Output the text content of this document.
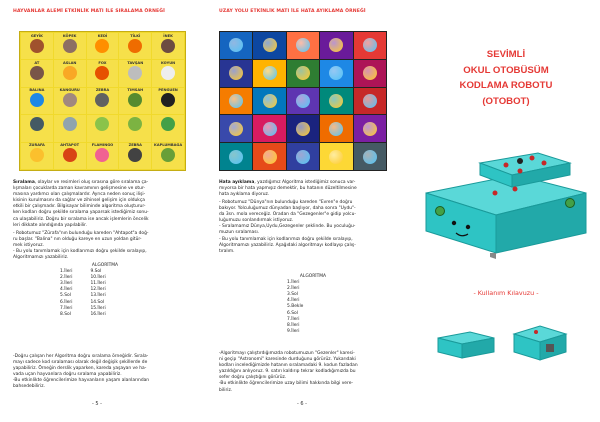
HAYVANLAR ALEMİ ETKİNLİK MATI İLE SIRALAMA ÖRNEĞİ
GEYİK	KÖPEK	KEDİ	TİLKİ	İNEK
AT	ASLAN	FOX	TAVŞAN	KOYUN
BALİNA	KANGURU	ZEBRA	TİMSAH	PENGUEN
ZÜRAFA	AHTAPOT	FLAMİNGO	ZEBRA	KAPLUMBAĞA

Sıralama, olaylar ve resimleri oluş sırasına göre sıralama ça-

lışmaları çocuklarda zaman kavramının gelişmesine ve otur-

masına yardımcı olan çalışmalardır. Ayrıca neden sonuç ilişi-

kisinin kurulmasını da sağlar ve zihinsel gelişim için oldukça

etkili bir çalışmadır. Bilgisayar biliminde algoritma oluşturur-

ken kodları doğru şekilde sıralama yaparsak istediğimiz sonu-

ca ulaşabiliriz. Doğru bir sıralama ise ancak işlemlerin öncelik

leri dikkate alındığında yapılabilir.

- Robotumuz "Zürafa"nın bulunduğu kareden "Ahtapot"a doğ-

ru başlar. "Balina" nın olduğu kareye en uzun yoldan gitür-

mek istiyoruz.

- Bu yolu tanımlamak için kodlarımızı doğru şekilde sıralayıp,

Algoritmamızı yazabiliriz.

ALGORİTMA
1.İleri
2.İleri
3.İleri
4.İleri
5.Sol
6.İleri
7.İleri
8.Sol
9.Sol
10.İleri
11.İleri
12.İleri
13.İleri
14.Sol
15.İleri
16.İleri

-Doğru çalışan her Algoritma doğru sıralama örneğidir. Sırala-

mayı sadece kod sıralaması olarak değil değişik şekillerde de

yapabiliriz. Örneğin derslik yaparken, kareda yaşayan ve ha-

vada uçan hayvanlara doğru sıralama yapabiliriz.

-Bu etkinlikte öğrencilerimize hayvanların yaşam alanlarından

bahsedebiliriz.

- 5 -
UZAY YOLU ETKİNLİK MATI İLE HATA AYIKLAMA ÖRNEĞİ

Hata ayıklama, yazdığımız Algoritma istediğimiz sonuca var-

mıyorsa bir hata yapmışız demektir, bu hatanın düzeltilmesine

hata ayıklama diyoruz.

- Robotumuz "Dünya"nın bulunduğu kareden "Evren"e doğru

bakıyor. Yolculuğumuz dünyadan başlıyor, daha sonra "Uydu"-

da 3sn. mola vereceğiz. Oradan da "Gezegenler"e gidip yolcu-

luğumuzu sonlandırmak istiyoruz.

- Sıralamamız Dünya,Uydu,Gezegenler şeklinde. Bu yoculuğu-

muzun sıralaması.

- Bu yolu tanımlamak için kodlarımızı doğru şekilde sıralayıp,

Algoritmamızı yazabiliriz. Aşağıdaki algoritmayı kodlayıp çalış-

tıralım.

ALGORİTMA
1.İleri
2.İleri
3.Sol
4.İleri
5.Bekle
6.Sol
7.İleri
8.İleri
9.İleri

-Algoritmayı çalıştırdığımızda robotumuzun "Gezenler" karesi-

ni geçip "Astronomi" karesinde durduğunu görürüz. Yukarıdaki

kodları incelediğimizde hatanın sıralamadaki 9. kodun fazladan

yazıldığını anlıyoruz. 9. satırı kaldırıp tekrar kodladığımızda bu

sefer doğru çalıştığını görürüz.

-Bu etkinlikte öğrencilerimize uzay bilimi hakkında bilgi vere-

biliriz.

- 6 -
SEVİMLİ
OKUL OTOBÜSÜM
KODLAMA ROBOTU
(OTOBOT)
- Kullanım Kılavuzu -
